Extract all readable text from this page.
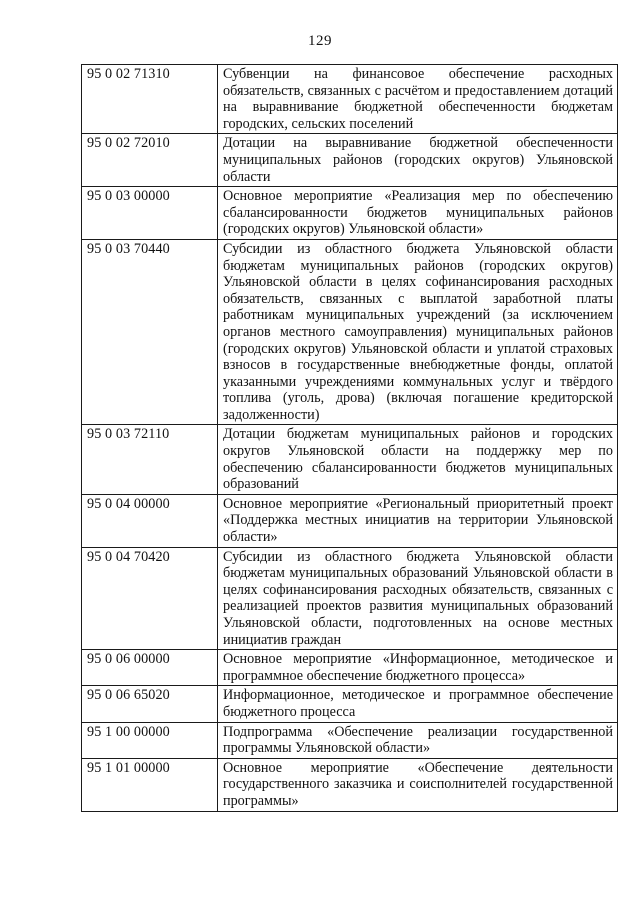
129
95 0 02 71310	Субвенции на финансовое обеспечение расходных обязательств, связанных с расчётом и предоставлением дотаций на выравнивание бюджетной обеспеченности бюджетам городских, сельских поселений
95 0 02 72010	Дотации на выравнивание бюджетной обеспеченности муниципальных районов (городских округов) Ульяновской области
95 0 03 00000	Основное мероприятие «Реализация мер по обеспечению сбалансированности бюджетов муниципальных районов (городских округов) Ульяновской области»
95 0 03 70440	Субсидии из областного бюджета Ульяновской области бюджетам муниципальных районов (городских округов) Ульяновской области в целях софинансирования расходных обязательств, связанных с выплатой заработной платы работникам муниципальных учреждений (за исключением органов местного самоуправления) муниципальных районов (городских округов) Ульяновской области и уплатой страховых взносов в государственные внебюджетные фонды, оплатой указанными учреждениями коммунальных услуг и твёрдого топлива (уголь, дрова) (включая погашение кредиторской задолженности)
95 0 03 72110	Дотации бюджетам муниципальных районов и городских округов Ульяновской области на поддержку мер по обеспечению сбалансированности бюджетов муниципальных образований
95 0 04 00000	Основное мероприятие «Региональный приоритетный проект «Поддержка местных инициатив на территории Ульяновской области»
95 0 04 70420	Субсидии из областного бюджета Ульяновской области бюджетам муниципальных образований Ульяновской области в целях софинансирования расходных обязательств, связанных с реализацией проектов развития муниципальных образований Ульяновской области, подготовленных на основе местных инициатив граждан
95 0 06 00000	Основное мероприятие «Информационное, методическое и программное обеспечение бюджетного процесса»
95 0 06 65020	Информационное, методическое и программное обеспечение бюджетного процесса
95 1 00 00000	Подпрограмма «Обеспечение реализации государственной программы Ульяновской области»
95 1 01 00000	Основное мероприятие «Обеспечение деятельности государственного заказчика и соисполнителей государственной программы»
